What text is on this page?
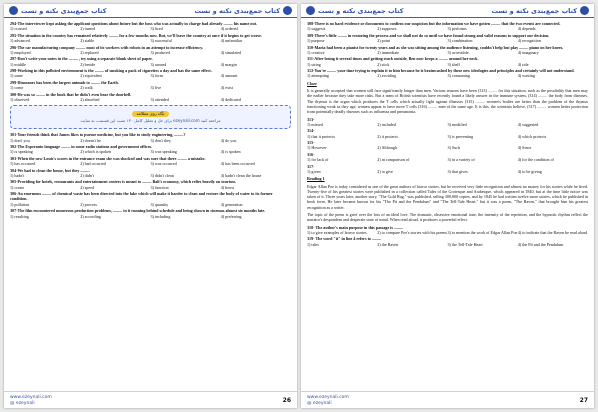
کتاب جمع‌بندی نکته و تست	کتاب جمع‌بندی نکته و تست
294-The interviewer kept asking the applicant questions about future but the boss who was actually in charge had already ......... his name out.
1) crossed	2) turned	3) fired	4) ordered
295-The situation in the country has remained relatively ......... for a few months now. But, we'll leave the country at once if it begins to get worse.
1) advanced	2) stable	3) successful	4) unfamiliar
296-The car manufacturing company ......... most of its workers with robots in an attempt to increase efficiency.
1) employed	2) replaced	3) produced	4) simulated
297-Don't write your notes in the ......... , try using a separate blank sheet of paper.
1) middle	2) beside	3) around	4) margin
298-Working in this polluted environment is the ......... of smoking a pack of cigarettes a day and has the same effect.
1) same	2) equivalent	3) form	4) amount
299-Dinosaurs has been the largest animals to ......... the Earth.
1) come	2) walk	3) live	4) exist
300-He was so ......... in the book that he didn't even hear the doorbell.
1) observed	2) absorbed	3) attended	4) dedicated
نگاه روی مطالعه
برای حل و تحلیل کامل ۱۳۰ تست این قسمت، به سایت ezeynali.com مراجعه کنید
301-Your friends think that James likes to pursue medicine, but you like to study engineering, .........?
1) don't you	2) doesn't he	3) don't they	4) do you
302-The Esperanto language ......... in some radio stations and government offices.
1) is speaking	2) which is spoken	3) was speaking	4) is spoken
303-When the new Louis's scores in the entrance exam she was shocked and was sure that there ......... a mistake.
1) has occurred	2) had occurred	3) was occurred	4) has been occurred
304-We had to clean the house, but they .........
1) hadn't	2) didn't	3) didn't clean	4) hadn't clean the house
305-Providing for hotels, restaurants and entertainment centers is meant to ......... Bali's economy, which relies heavily on tourism.
1) create	2) speed	3) function	4) boost
306-An enormous ......... of chemical waste has been directed into the lake which will make it harder to clean and restore the body of water to its former condition.
1) pollution	2) process	3) quantity	4) generation
307-The film encountered numerous production problems, ......... in it running behind schedule and being shown in cinemas almost six months late.
1) resulting	2) according	3) including	4) preferring
www.ezeynali.com
@ ezeynali	26
کتاب جمع‌بندی نکته و تست	کتاب جمع‌بندی نکته و تست
308-There is no hard evidence or documents to confirm our suspicion but the information we have gotten ......... that the two events are connected.
1) suggests	2) supposes	3) performs	4) depends
309-There's little ......... in restoring the process and we shall not do so until we have found strong and valid reasons to support our decision.
1) purpose	2) point	3) combination	4) recognition
310-Maria had been a pianist for twenty years and as she was sitting among the audience listening, couldn't help but play ......... piano on her knees.
1) creative	2) immediate	3) accessible	4) imaginary
311-After losing it several times and getting stuck outside, Ben now keeps a ......... around her neck.
1) string	2) stick	3) shelf	4) ride
312-You're ......... your time trying to explain it to him because he is brainwashed by these new ideologies and principles and certainly will not understand.
1) attempting	2) avoiding	3) consuming	4) wasting
Cloze
It is generally accepted that women still face significantly longer than men. Various reasons have been (313) ......... for this situation, such as the possibility that men may die earlier because they take more risks. But a team of British scientists have recently found a likely answer in the immune system, (314) ......... the body from diseases. The thymus is the organ which produces the T cells which actually fight against illnesses (315) ......... women's bodies are better than the problem of the thymus functioning weak as they age, women appear to have more T cells (316) ......... men of the same age. It is this, the scientists believe, (317) ......... women better protection from potentially deadly diseases such as influenza and pneumonia.
313-
1) missed	2) included	3) modified	4) suggested
314-
1) that it protects	2) it protects	3) is preventing	4) which protects
315-
1) However	2) Although	3) Such	4) Since
316-
1) for lack of	2) in comparison of	3) in a variety of	4) for the condition of
317-
1) given	2) to give	3) that gives	4) to be giving
Reading 1
Edgar Allan Poe is today considered as one of the great authors of horror stories, but he received very little recognition and almost no money for his stories while he lived. Twenty-five of his greatest stories were published in a collection called Tales of the Grotesque and Arabesque, which appeared in 1840, but at the time little notice was taken of it. Three years later, another story, "The Gold Bug," was published, selling 300,000 copies, and by 1845 he had written twelve more stories, which he published in book form. He later became known for his "The Pit and the Pendulum" and "The Tell-Tale Heart," but it was a poem, "The Raven," that brought him his greatest recognition as a writer.
The topic of the poem is grief over the loss of an ideal love. The dramatic, obsessive emotional tone, the intensity of the repetition, and the hypnotic rhythm reflect the narrator's despondent and desperate state of mind. When read aloud, it produces a powerful effect.
318- The author's main purpose in this passage is .........
1) to give examples of horror stories	2) to compare Poe's stories with his poems 3) to mention the work of Edgar Allan Poe 4) to indicate that the Raven be read aloud
319- The word "it" in line 4 refers to .........
1) tales	2) the Raven	3) the Tell-Tale Heart	4) the Pit and the Pendulum
www.ezeynali.com
@ ezeynali	27
